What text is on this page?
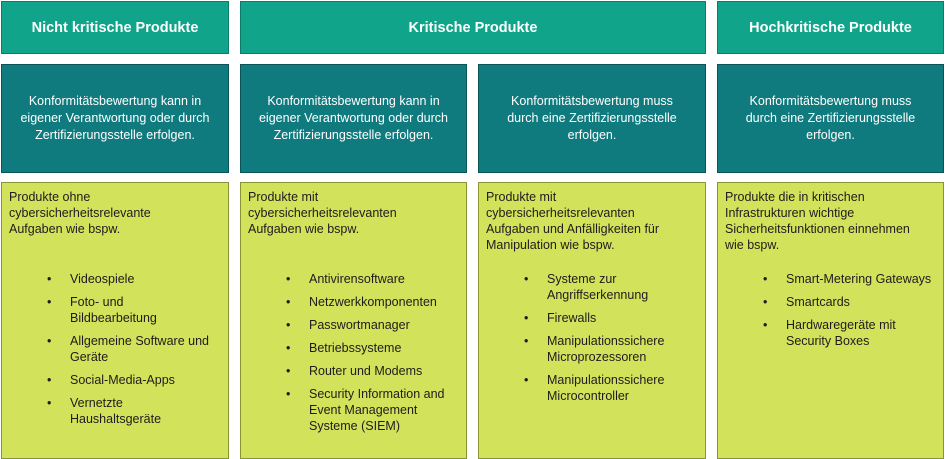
Nicht kritische Produkte	Kritische Produkte	Hochkritische Produkte
Konformitätsbewertung kann in
eigener Verantwortung oder durch
Zertifizierungsstelle erfolgen.
Konformitätsbewertung kann in
eigener Verantwortung oder durch
Zertifizierungsstelle erfolgen.
Konformitätsbewertung muss
durch eine Zertifizierungsstelle
erfolgen.
Konformitätsbewertung muss
durch eine Zertifizierungsstelle
erfolgen.

Produkte ohne
cybersicherheitsrelevante
Aufgaben wie bspw.

• Videospiele
• Foto- und
Bildbearbeitung
• Allgemeine Software und
Geräte
• Social-Media-Apps
• Vernetzte
Haushaltsgeräte

Produkte mit
cybersicherheitsrelevanten
Aufgaben wie bspw.

• Antivirensoftware
• Netzwerkkomponenten
• Passwortmanager
• Betriebssysteme
• Router und Modems
• Security Information and
Event Management
Systeme (SIEM)

Produkte mit
cybersicherheitsrelevanten
Aufgaben und Anfälligkeiten für
Manipulation wie bspw.

• Systeme zur
Angriffserkennung
• Firewalls
• Manipulationssichere
Microprozessoren
• Manipulationssichere
Microcontroller

Produkte die in kritischen
Infrastrukturen wichtige
Sicherheitsfunktionen einnehmen
wie bspw.

• Smart-Metering Gateways
• Smartcards
• Hardwaregeräte mit
Security Boxes
